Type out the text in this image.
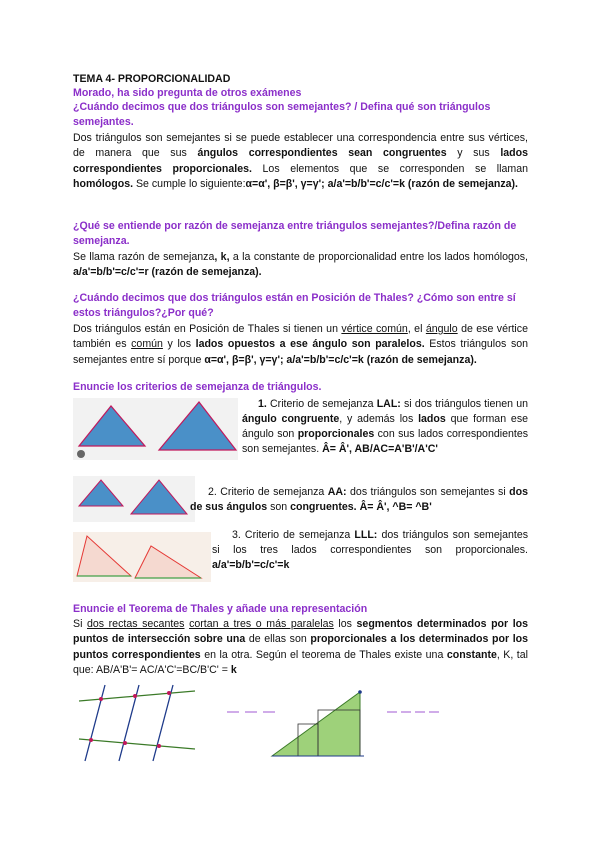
TEMA 4- PROPORCIONALIDAD
Morado, ha sido pregunta de otros exámenes
¿Cuándo decimos que dos triángulos son semejantes? / Defina qué son triángulos semejantes.
Dos triángulos son semejantes si se puede establecer una correspondencia entre sus vértices, de manera que sus ángulos correspondientes sean congruentes y sus lados correspondientes proporcionales. Los elementos que se corresponden se llaman homólogos. Se cumple lo siguiente:α=α', β=β', γ=γ'; a/a'=b/b'=c/c'=k (razón de semejanza).
¿Qué se entiende por razón de semejanza entre triángulos semejantes?/Defina razón de semejanza.
Se llama razón de semejanza, k, a la constante de proporcionalidad entre los lados homólogos, a/a'=b/b'=c/c'=r (razón de semejanza).
¿Cuándo decimos que dos triángulos están en Posición de Thales? ¿Cómo son entre sí estos triángulos?¿Por qué?
Dos triángulos están en Posición de Thales si tienen un vértice común, el ángulo de ese vértice también es común y los lados opuestos a ese ángulo son paralelos. Estos triángulos son semejantes entre sí porque α=α', β=β', γ=γ'; a/a'=b/b'=c/c'=k (razón de semejanza).
Enuncie los criterios de semejanza de triángulos.
1. Criterio de semejanza LAL: si dos triángulos tienen un ángulo congruente, y además los lados que forman ese ángulo son proporcionales con sus lados correspondientes son semejantes. Â= Â', AB/AC=A'B'/A'C'
2. Criterio de semejanza AA: dos triángulos son semejantes si dos de sus ángulos son congruentes. Â= Â', ^B= ^B'
3. Criterio de semejanza LLL: dos triángulos son semejantes si los tres lados correspondientes son proporcionales. a/a'=b/b'=c/c'=k
Enuncie el Teorema de Thales y añade una representación
Si dos rectas secantes cortan a tres o más paralelas los segmentos determinados por los puntos de intersección sobre una de ellas son proporcionales a los determinados por los puntos correspondientes en la otra. Según el teorema de Thales existe una constante, K, tal que: AB/A'B'= AC/A'C'=BC/B'C' = k
